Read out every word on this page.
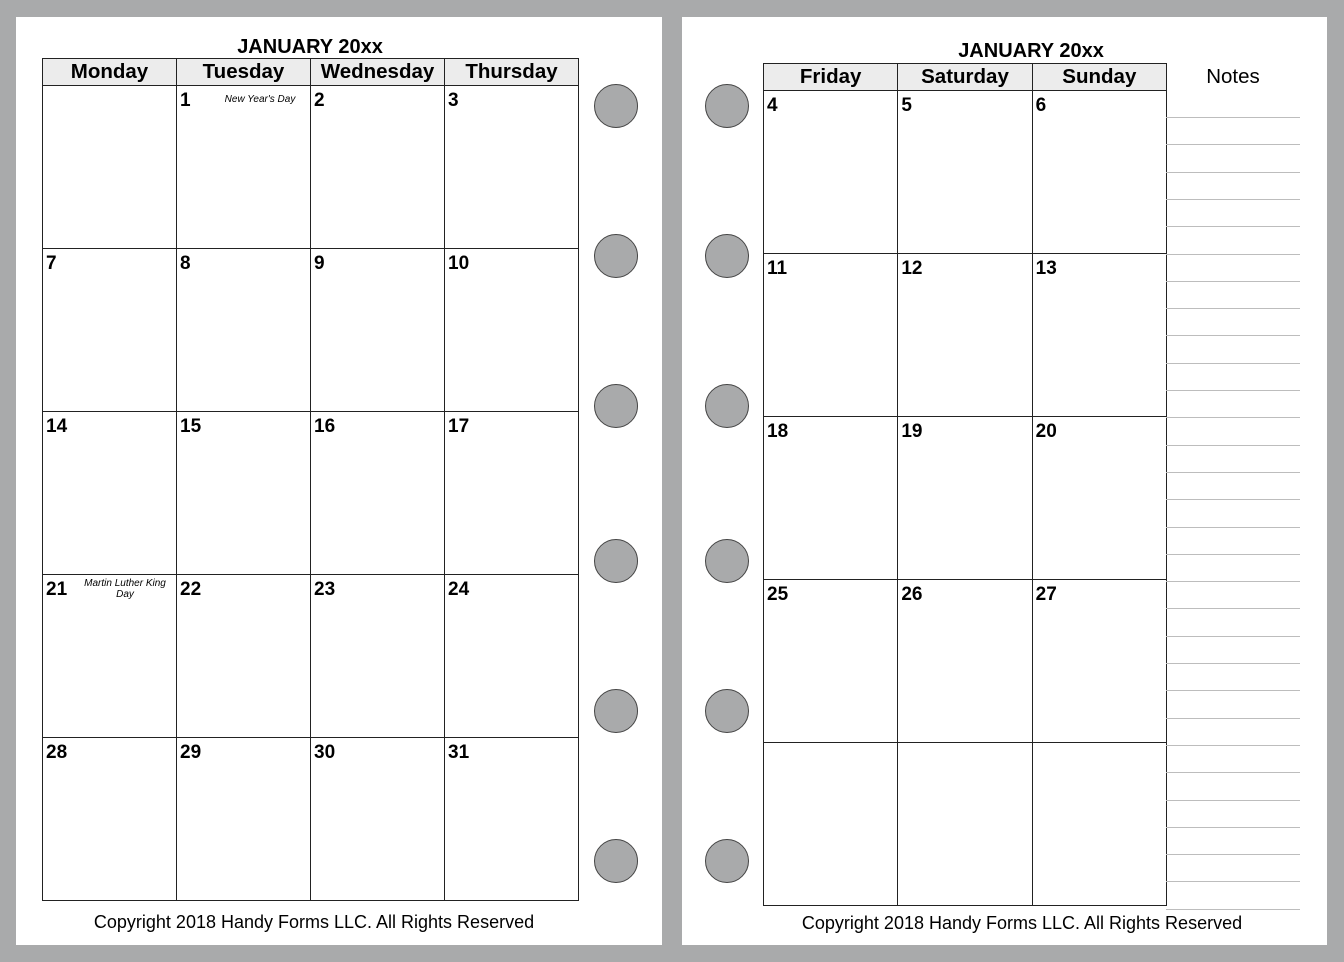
JANUARY 20xx
Monday	Tuesday	Wednesday	Thursday

	1 New Year's Day	2	3

7	8	9	10

14	15	16	17

21 Martin Luther King Day	22	23	24

28	29	30	31
Copyright 2018 Handy Forms LLC. All Rights Reserved
JANUARY 20xx
Friday	Saturday	Sunday

4	5	6

11	12	13

18	19	20

25	26	27

Notes
Copyright 2018 Handy Forms LLC. All Rights Reserved
